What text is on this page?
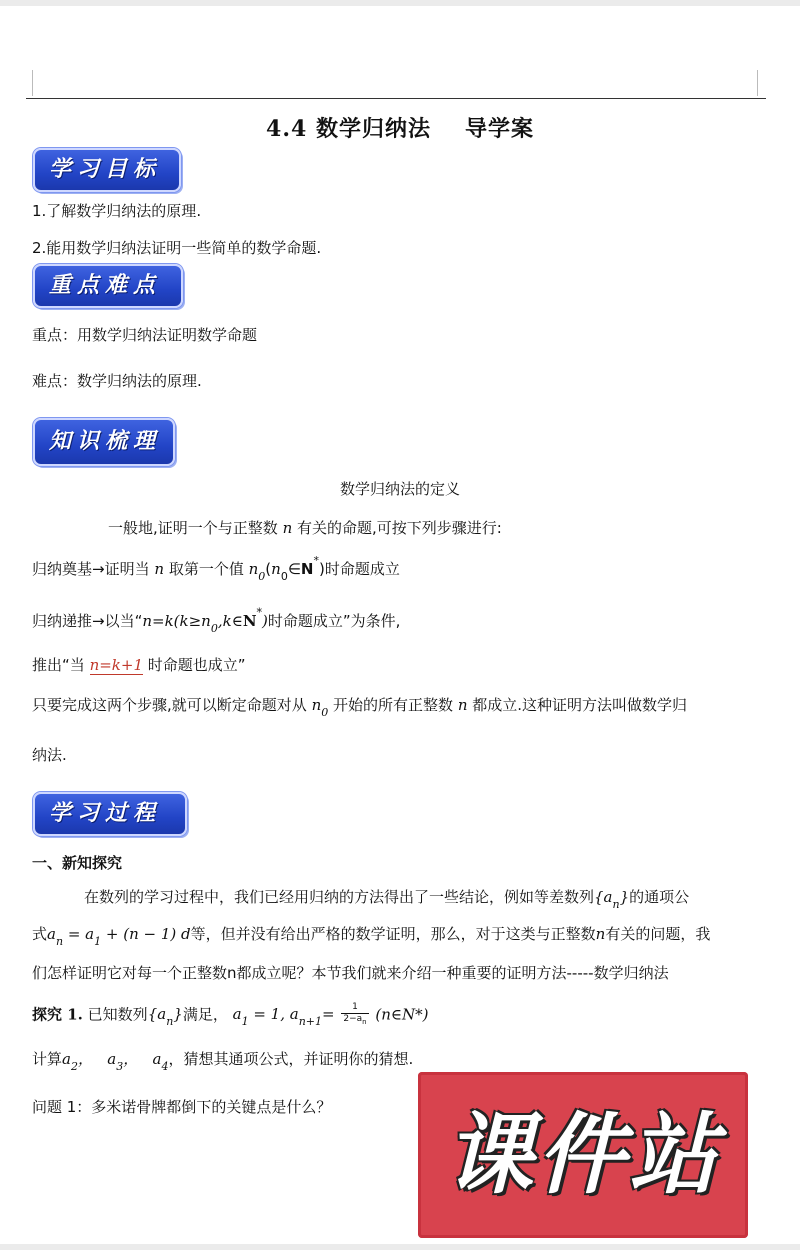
4.4 数学归纳法 导学案
学习目标
1.了解数学归纳法的原理.
2.能用数学归纳法证明一些简单的数学命题.
重点难点
重点：用数学归纳法证明数学命题
难点：数学归纳法的原理.
知识梳理
数学归纳法的定义
一般地,证明一个与正整数 n 有关的命题,可按下列步骤进行:
归纳奠基→证明当 n 取第一个值 $n_0(n_0\in N^*)$时命题成立
归纳递推→以当“$n=k(k\ge n_0,k\in N^*)$时命题成立”为条件,
推出“当 n=k+1 时命题也成立”
只要完成这两个步骤,就可以断定命题对从 $n_0$ 开始的所有正整数 n 都成立.这种证明方法叫做数学归
纳法.
学习过程
一、新知探究
在数列的学习过程中，我们已经用归纳的方法得出了一些结论，例如等差数列$\{a_n\}$的通项公
式$a_n = a_1 + (n - 1)$ d等，但并没有给出严格的数学证明，那么，对于这类与正整数n有关的问题，我
们怎样证明它对每一个正整数n都成立呢？本节我们就来介绍一种重要的证明方法-----数学归纳法
探究 1. 已知数列$\{a_n\}$满足， $a_1 = 1$, $a_{n+1}= \frac{1}{2-a_n}$ (n∈N*)
计算$a_2$，   $a_3$，   $a_4$，猜想其通项公式，并证明你的猜想.
问题 1：多米诺骨牌都倒下的关键点是什么？	课件站
